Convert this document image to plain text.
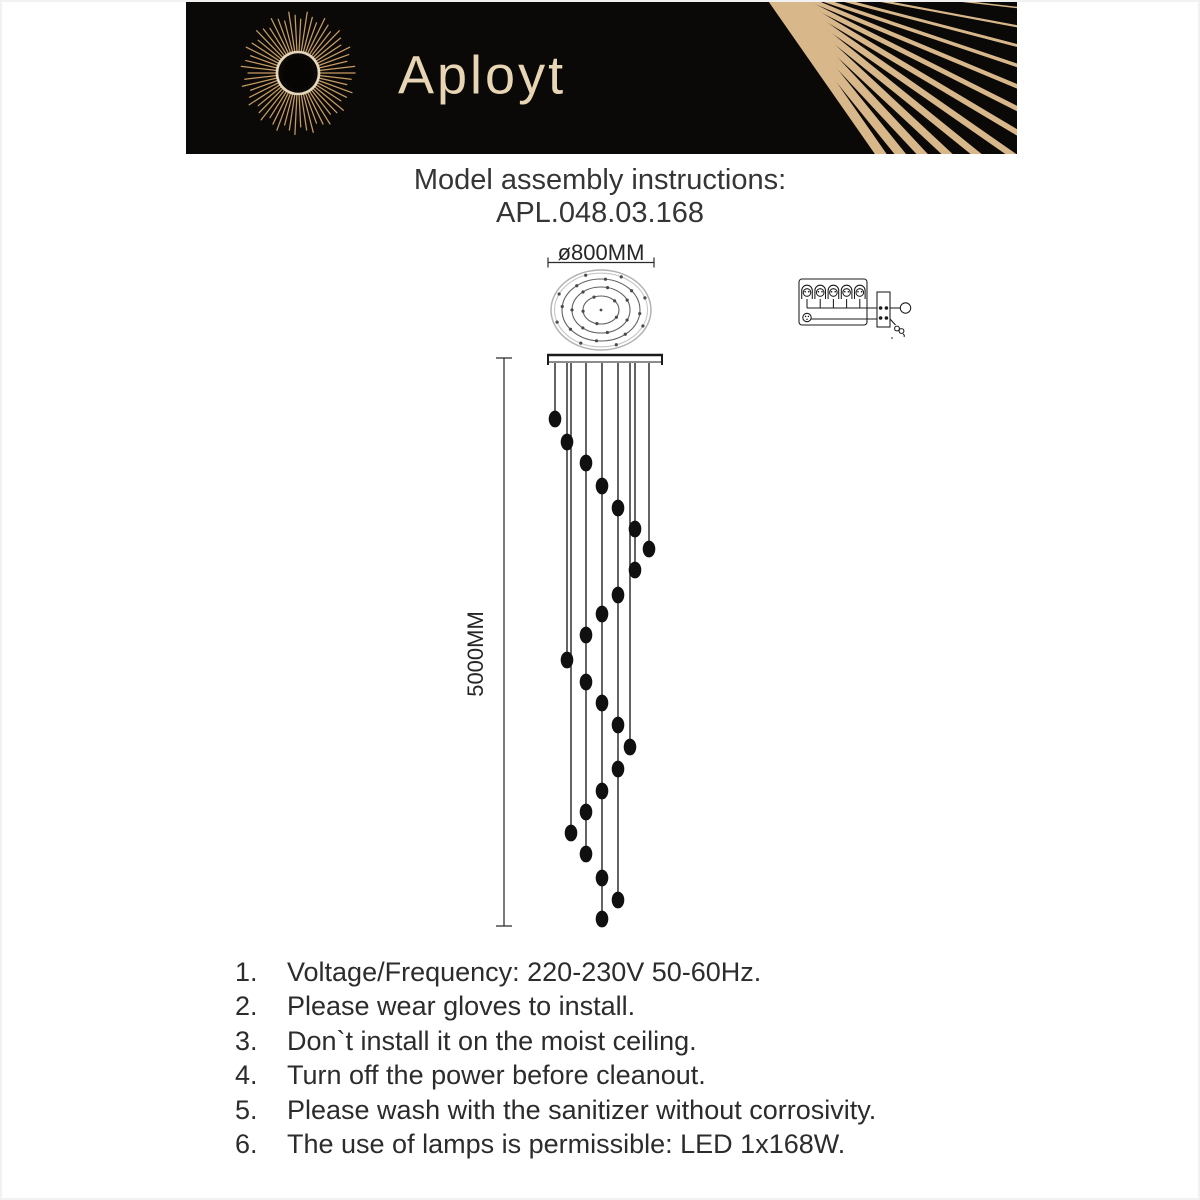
Aployt
Model assembly instructions:
APL.048.03.168
ø800MM
5000MM
1.	Voltage/Frequency: 220-230V 50-60Hz.
2.	Please wear gloves to install.
3.	Don`t install it on the moist ceiling.
4.	Turn off the power before cleanout.
5.	Please wash with the sanitizer without corrosivity.
6.	The use of lamps is permissible: LED 1x168W.
